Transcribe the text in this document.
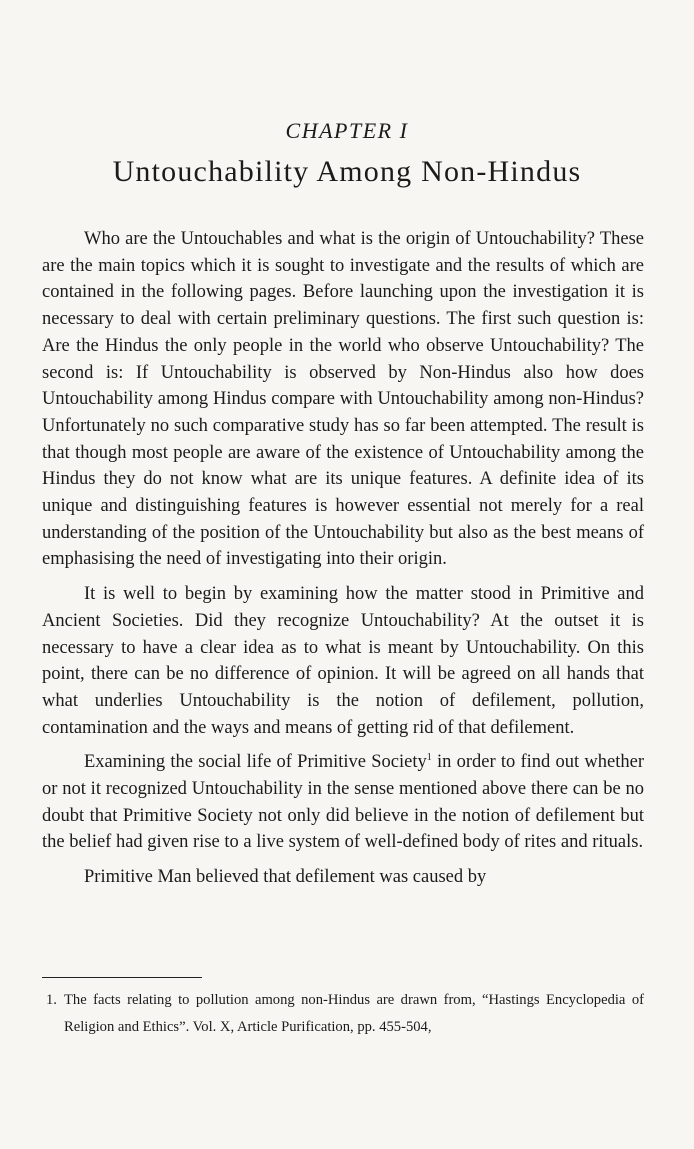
CHAPTER I
Untouchability Among Non-Hindus

Who are the Untouchables and what is the origin of Untouchability? These are the main topics which it is sought to investigate and the results of which are contained in the following pages. Before launching upon the investigation it is necessary to deal with certain preliminary questions. The first such question is: Are the Hindus the only people in the world who observe Untouchability? The second is: If Untouchability is observed by Non-Hindus also how does Untouchability among Hindus compare with Untouchability among non-Hindus? Unfortunately no such comparative study has so far been attempted. The result is that though most people are aware of the existence of Untouchability among the Hindus they do not know what are its unique features. A definite idea of its unique and distinguishing features is however essential not merely for a real understanding of the position of the Untouchability but also as the best means of emphasising the need of investigating into their origin.

It is well to begin by examining how the matter stood in Primitive and Ancient Societies. Did they recognize Untouchability? At the outset it is necessary to have a clear idea as to what is meant by Untouchability. On this point, there can be no difference of opinion. It will be agreed on all hands that what underlies Untouchability is the notion of defilement, pollution, contamination and the ways and means of getting rid of that defilement.

Examining the social life of Primitive Society$^1$ in order to find out whether or not it recognized Untouchability in the sense mentioned above there can be no doubt that Primitive Society not only did believe in the notion of defilement but the belief had given rise to a live system of well-defined body of rites and rituals.

Primitive Man believed that defilement was caused by

1. The facts relating to pollution among non-Hindus are drawn from, “Hastings Encyclopedia of Religion and Ethics”. Vol. X, Article Purification, pp. 455-504,
